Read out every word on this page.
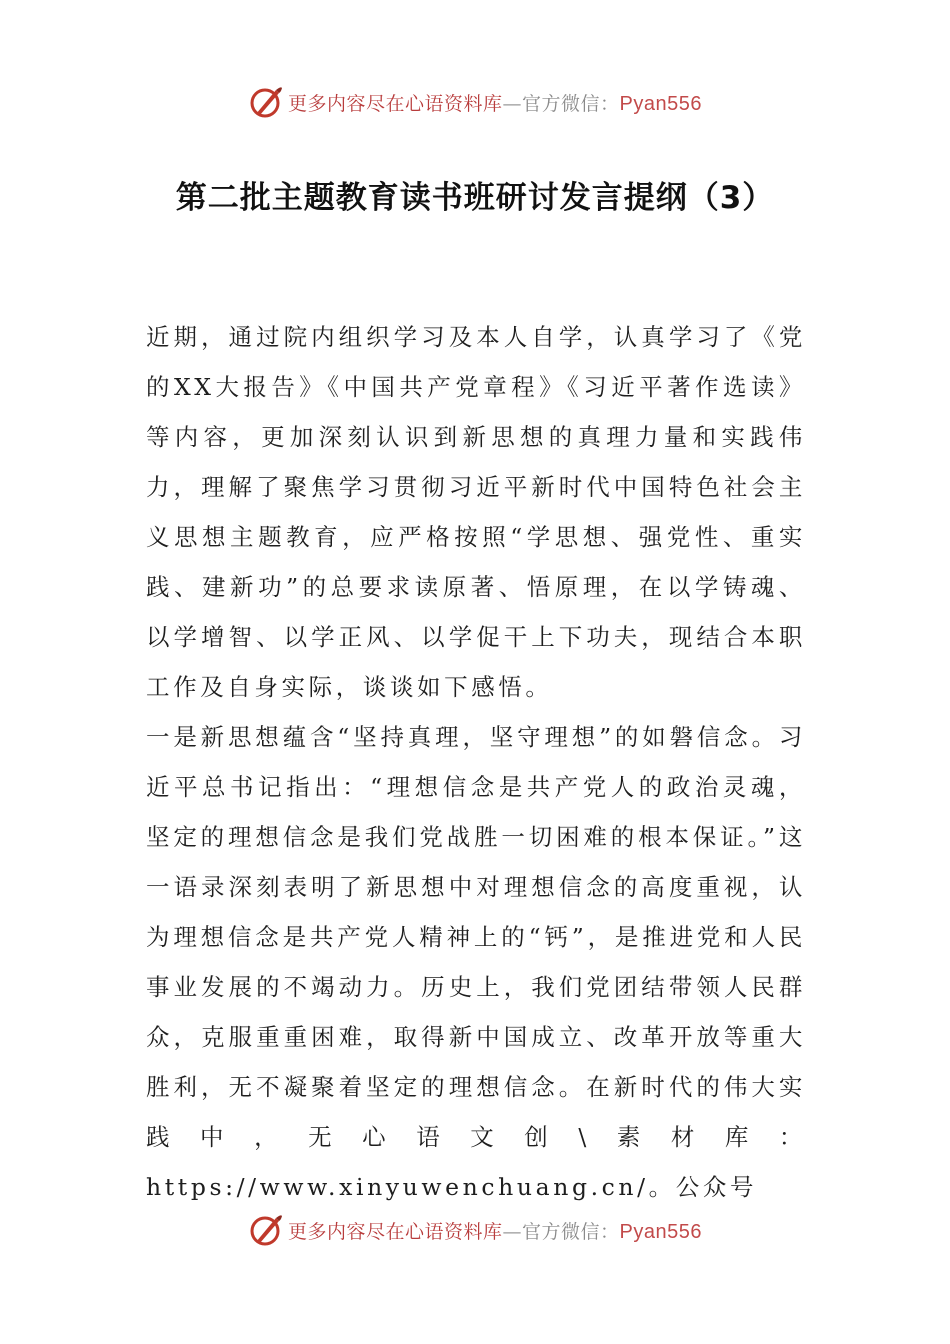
更多内容尽在心语资料库—官方微信：Pyan556
第二批主题教育读书班研讨发言提纲（3）

近期，通过院内组织学习及本人自学，认真学习了《党的XX大报告》《中国共产党章程》《习近平著作选读》等内容，更加深刻认识到新思想的真理力量和实践伟力，理解了聚焦学习贯彻习近平新时代中国特色社会主义思想主题教育，应严格按照“学思想、强党性、重实践、建新功”的总要求读原著、悟原理，在以学铸魂、以学增智、以学正风、以学促干上下功夫，现结合本职工作及自身实际，谈谈如下感悟。

一是新思想蕴含“坚持真理，坚守理想”的如磐信念。习近平总书记指出：“理想信念是共产党人的政治灵魂，坚定的理想信念是我们党战胜一切困难的根本保证。”这一语录深刻表明了新思想中对理想信念的高度重视，认为理想信念是共产党人精神上的“钙”，是推进党和人民事业发展的不竭动力。历史上，我们党团结带领人民群众，克服重重困难，取得新中国成立、改革开放等重大胜利，无不凝聚着坚定的理想信念。在新时代的伟大实践中，无心语文创\素材库：https://www.xinyuwenchuang.cn/。公众号

更多内容尽在心语资料库—官方微信：Pyan556
